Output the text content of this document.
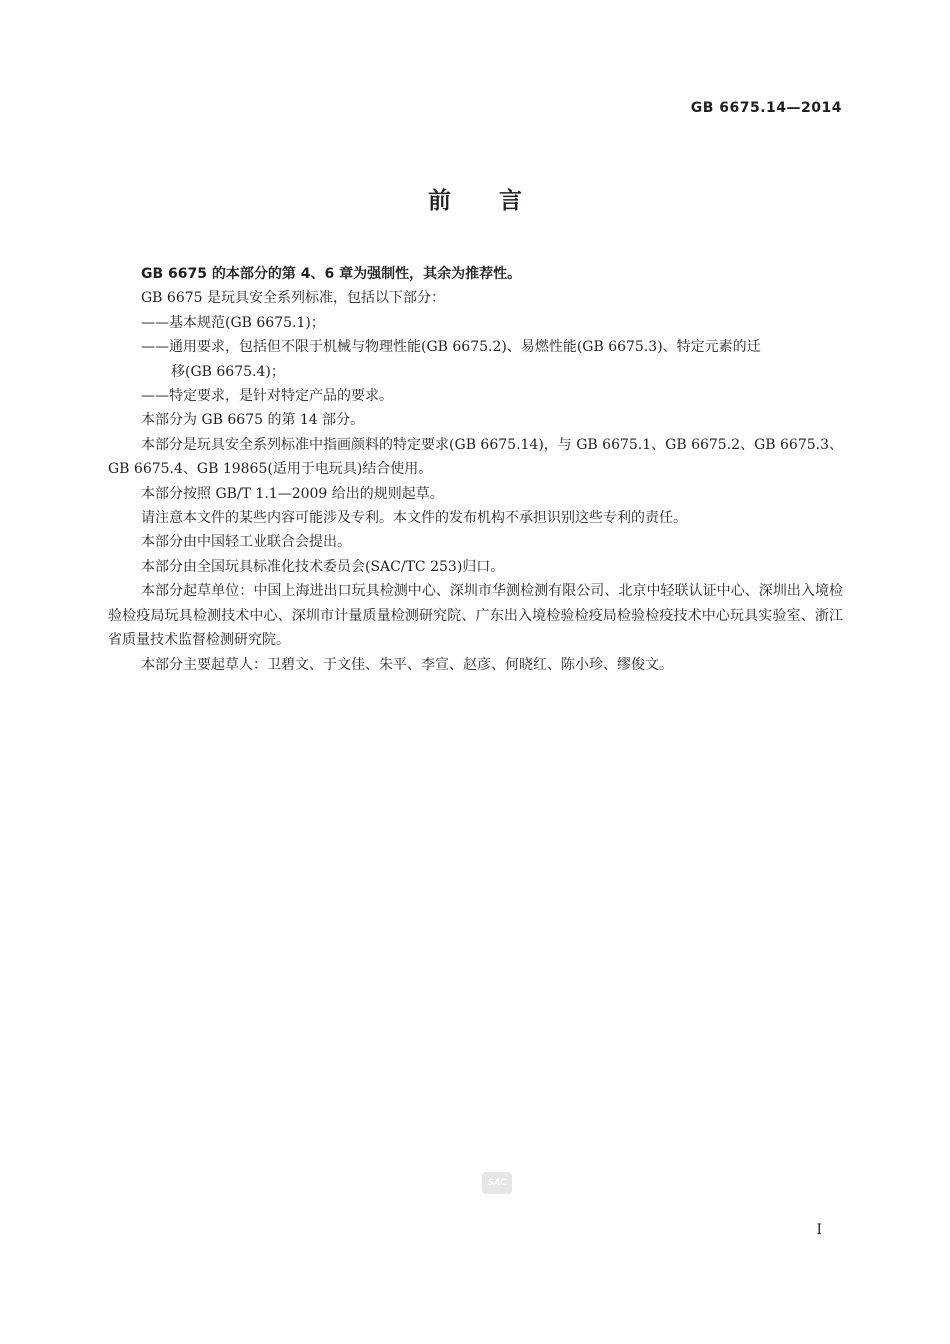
GB 6675.14—2014
前言

GB 6675 的本部分的第 4、6 章为强制性，其余为推荐性。

GB 6675 是玩具安全系列标准，包括以下部分：

——基本规范(GB 6675.1)；

——通用要求，包括但不限于机械与物理性能(GB 6675.2)、易燃性能(GB 6675.3)、特定元素的迁
移(GB 6675.4)；

——特定要求，是针对特定产品的要求。

本部分为 GB 6675 的第 14 部分。

本部分是玩具安全系列标准中指画颜料的特定要求(GB 6675.14)，与 GB 6675.1、GB 6675.2、GB 6675.3、GB 6675.4、GB 19865(适用于电玩具)结合使用。

本部分按照 GB/T 1.1—2009 给出的规则起草。

请注意本文件的某些内容可能涉及专利。本文件的发布机构不承担识别这些专利的责任。

本部分由中国轻工业联合会提出。

本部分由全国玩具标准化技术委员会(SAC/TC 253)归口。

本部分起草单位：中国上海进出口玩具检测中心、深圳市华测检测有限公司、北京中轻联认证中心、深圳出入境检验检疫局玩具检测技术中心、深圳市计量质量检测研究院、广东出入境检验检疫局检验检疫技术中心玩具实验室、浙江省质量技术监督检测研究院。

本部分主要起草人：卫碧文、于文佳、朱平、李宣、赵彦、何晓红、陈小珍、缪俊文。

SAC
I
